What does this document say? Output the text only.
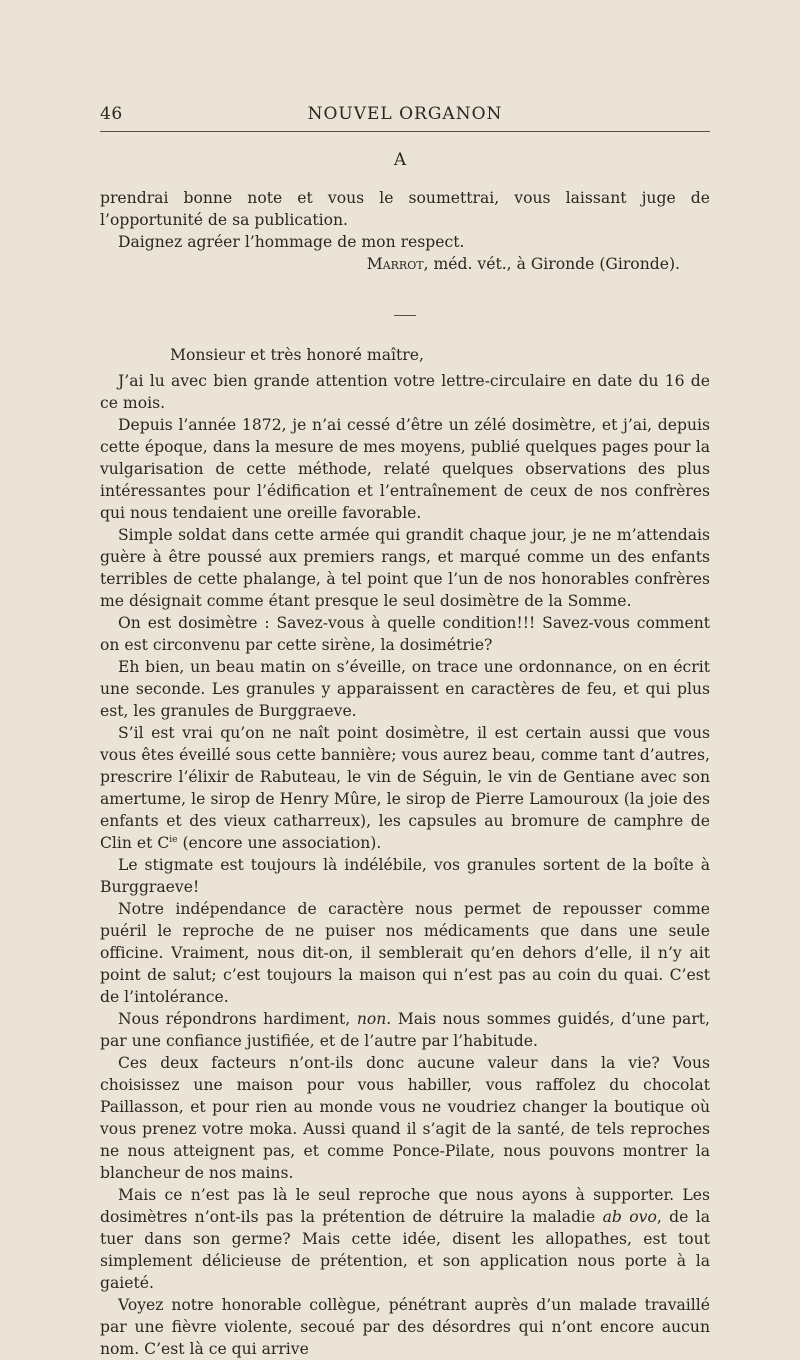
46	NOUVEL ORGANON
A

prendrai bonne note et vous le soumettrai, vous laissant juge de l’opportunité de sa publication.

Daignez agréer l’hommage de mon respect.

Marrot, méd. vét., à Gironde (Gironde).

Monsieur et très honoré maître,

J’ai lu avec bien grande attention votre lettre-circulaire en date du 16 de ce mois.

Depuis l’année 1872, je n’ai cessé d’être un zélé dosimètre, et j’ai, depuis cette époque, dans la mesure de mes moyens, publié quelques pages pour la vulgarisation de cette méthode, relaté quelques observations des plus intéressantes pour l’édification et l’entraînement de ceux de nos confrères qui nous tendaient une oreille favorable.

Simple soldat dans cette armée qui grandit chaque jour, je ne m’attendais guère à être poussé aux premiers rangs, et marqué comme un des enfants terribles de cette phalange, à tel point que l’un de nos honorables confrères me désignait comme étant presque le seul dosimètre de la Somme.

On est dosimètre : Savez-vous à quelle condition!!! Savez-vous comment on est circonvenu par cette sirène, la dosimétrie?

Eh bien, un beau matin on s’éveille, on trace une ordonnance, on en écrit une seconde. Les granules y apparaissent en caractères de feu, et qui plus est, les granules de Burggraeve.

S’il est vrai qu’on ne naît point dosimètre, il est certain aussi que vous vous êtes éveillé sous cette bannière; vous aurez beau, comme tant d’autres, prescrire l’élixir de Rabuteau, le vin de Séguin, le vin de Gentiane avec son amertume, le sirop de Henry Mûre, le sirop de Pierre Lamouroux (la joie des enfants et des vieux catharreux), les capsules au bromure de camphre de Clin et $C^{ie}$ (encore une association).

Le stigmate est toujours là indélébile, vos granules sortent de la boîte à Burggraeve!

Notre indépendance de caractère nous permet de repousser comme puéril le reproche de ne puiser nos médicaments que dans une seule officine. Vraiment, nous dit-on, il semblerait qu’en dehors d’elle, il n’y ait point de salut; c’est toujours la maison qui n’est pas au coin du quai. C’est de l’intolérance.

Nous répondrons hardiment, non. Mais nous sommes guidés, d’une part, par une confiance justifiée, et de l’autre par l’habitude.

Ces deux facteurs n’ont-ils donc aucune valeur dans la vie? Vous choisissez une maison pour vous habiller, vous raffolez du chocolat Paillasson, et pour rien au monde vous ne voudriez changer la boutique où vous prenez votre moka. Aussi quand il s’agit de la santé, de tels reproches ne nous atteignent pas, et comme Ponce-Pilate, nous pouvons montrer la blancheur de nos mains.

Mais ce n’est pas là le seul reproche que nous ayons à supporter. Les dosimètres n’ont-ils pas la prétention de détruire la maladie ab ovo, de la tuer dans son germe? Mais cette idée, disent les allopathes, est tout simplement délicieuse de prétention, et son application nous porte à la gaieté.

Voyez notre honorable collègue, pénétrant auprès d’un malade travaillé par une fièvre violente, secoué par des désordres qui n’ont encore aucun nom. C’est là ce qui arrive
